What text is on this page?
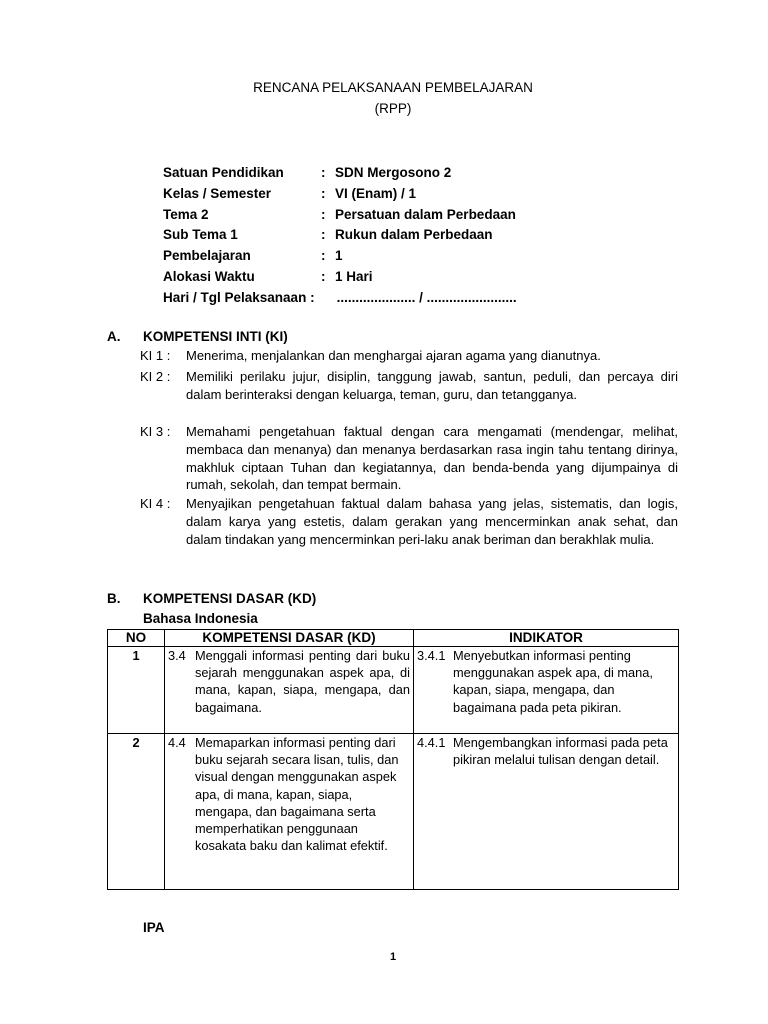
RENCANA PELAKSANAAN PEMBELAJARAN
(RPP)
Satuan Pendidikan	: SDN Mergosono 2
Kelas / Semester	: VI (Enam) / 1
Tema 2	: Persatuan dalam Perbedaan
Sub Tema 1	: Rukun dalam Perbedaan
Pembelajaran	: 1
Alokasi Waktu	: 1 Hari
Hari / Tgl Pelaksanaan : ..................... / ........................
A. KOMPETENSI INTI (KI)
KI 1 :	Menerima, menjalankan dan menghargai ajaran agama yang dianutnya.
KI 2 :	Memiliki perilaku jujur, disiplin, tanggung jawab, santun, peduli, dan percaya diri dalam berinteraksi dengan keluarga, teman, guru, dan tetangganya.
KI 3 :	Memahami pengetahuan faktual dengan cara mengamati (mendengar, melihat, membaca dan menanya) dan menanya berdasarkan rasa ingin tahu tentang dirinya, makhluk ciptaan Tuhan dan kegiatannya, dan benda-benda yang dijumpainya di rumah, sekolah, dan tempat bermain.
KI 4 :	Menyajikan pengetahuan faktual dalam bahasa yang jelas, sistematis, dan logis, dalam karya yang estetis, dalam gerakan yang mencerminkan anak sehat, dan dalam tindakan yang mencerminkan peri-laku anak beriman dan berakhlak mulia.
B. KOMPETENSI DASAR (KD)
Bahasa Indonesia
NO	KOMPETENSI DASAR (KD)	INDIKATOR
1	3.4 Menggali informasi penting dari buku sejarah menggunakan aspek apa, di mana, kapan, siapa, mengapa, dan bagaimana.	3.4.1 Menyebutkan informasi penting menggunakan aspek apa, di mana, kapan, siapa, mengapa, dan bagaimana pada peta pikiran.

2	4.4 Memaparkan informasi penting dari buku sejarah secara lisan, tulis, dan visual dengan menggunakan aspek apa, di mana, kapan, siapa, mengapa, dan bagaimana serta memperhatikan penggunaan kosakata baku dan kalimat efektif.	4.4.1 Mengembangkan informasi pada peta pikiran melalui tulisan dengan detail.
IPA
1
